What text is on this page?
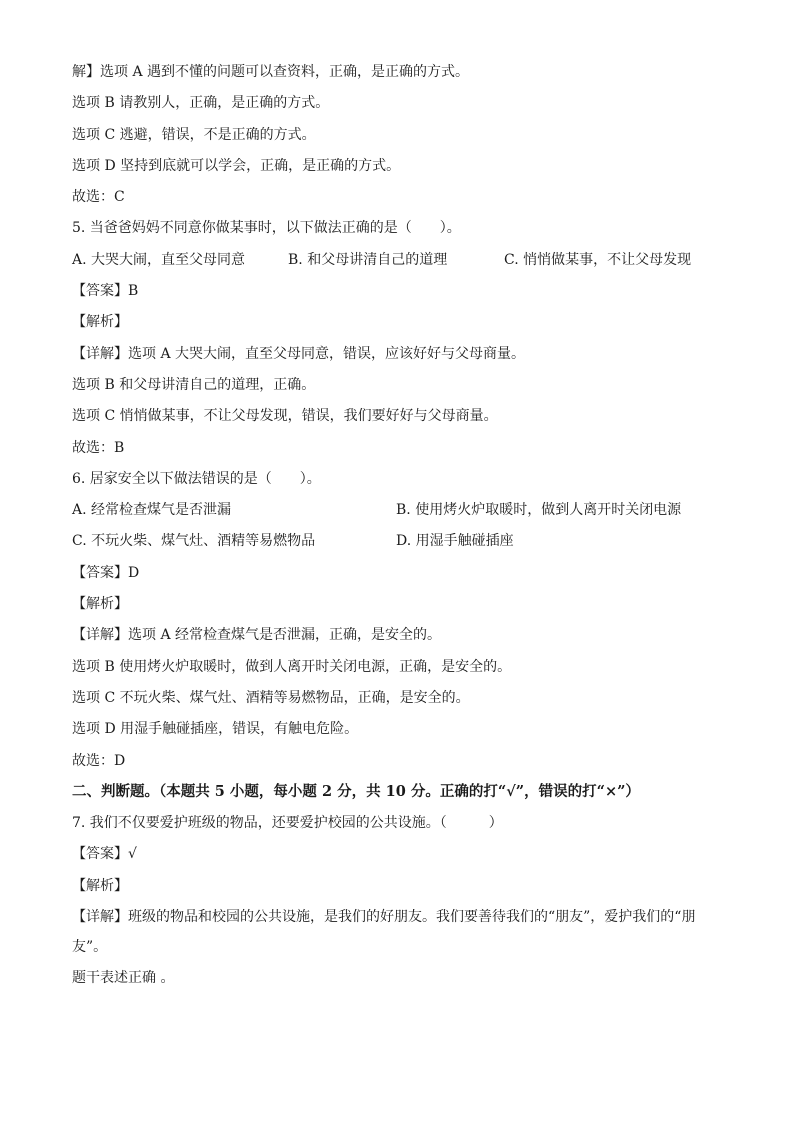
解】选项 A 遇到不懂的问题可以查资料，正确，是正确的方式。
选项 B 请教别人，正确，是正确的方式。
选项 C 逃避，错误，不是正确的方式。
选项 D 坚持到底就可以学会，正确，是正确的方式。
故选：C
5. 当爸爸妈妈不同意你做某事时，以下做法正确的是（　　）。
A. 大哭大闹，直至父母同意	B. 和父母讲清自己的道理	C. 悄悄做某事，不让父母发现
【答案】B
【解析】
【详解】选项 A 大哭大闹，直至父母同意，错误，应该好好与父母商量。
选项 B 和父母讲清自己的道理，正确。
选项 C 悄悄做某事，不让父母发现，错误，我们要好好与父母商量。
故选：B
6. 居家安全以下做法错误的是（　　）。
A. 经常检查煤气是否泄漏	B. 使用烤火炉取暖时，做到人离开时关闭电源
C. 不玩火柴、煤气灶、酒精等易燃物品	D. 用湿手触碰插座
【答案】D
【解析】
【详解】选项 A 经常检查煤气是否泄漏，正确，是安全的。
选项 B 使用烤火炉取暖时，做到人离开时关闭电源，正确，是安全的。
选项 C 不玩火柴、煤气灶、酒精等易燃物品，正确，是安全的。
选项 D 用湿手触碰插座，错误，有触电危险。
故选：D
二、判断题。（本题共 5 小题，每小题 2 分，共 10 分。正确的打“√”，错误的打“×”）
7. 我们不仅要爱护班级的物品，还要爱护校园的公共设施。（　　　）
【答案】√
【解析】
【详解】班级的物品和校园的公共设施，是我们的好朋友。我们要善待我们的“朋友”，爱护我们的“朋友”。
题干表述正确 。
